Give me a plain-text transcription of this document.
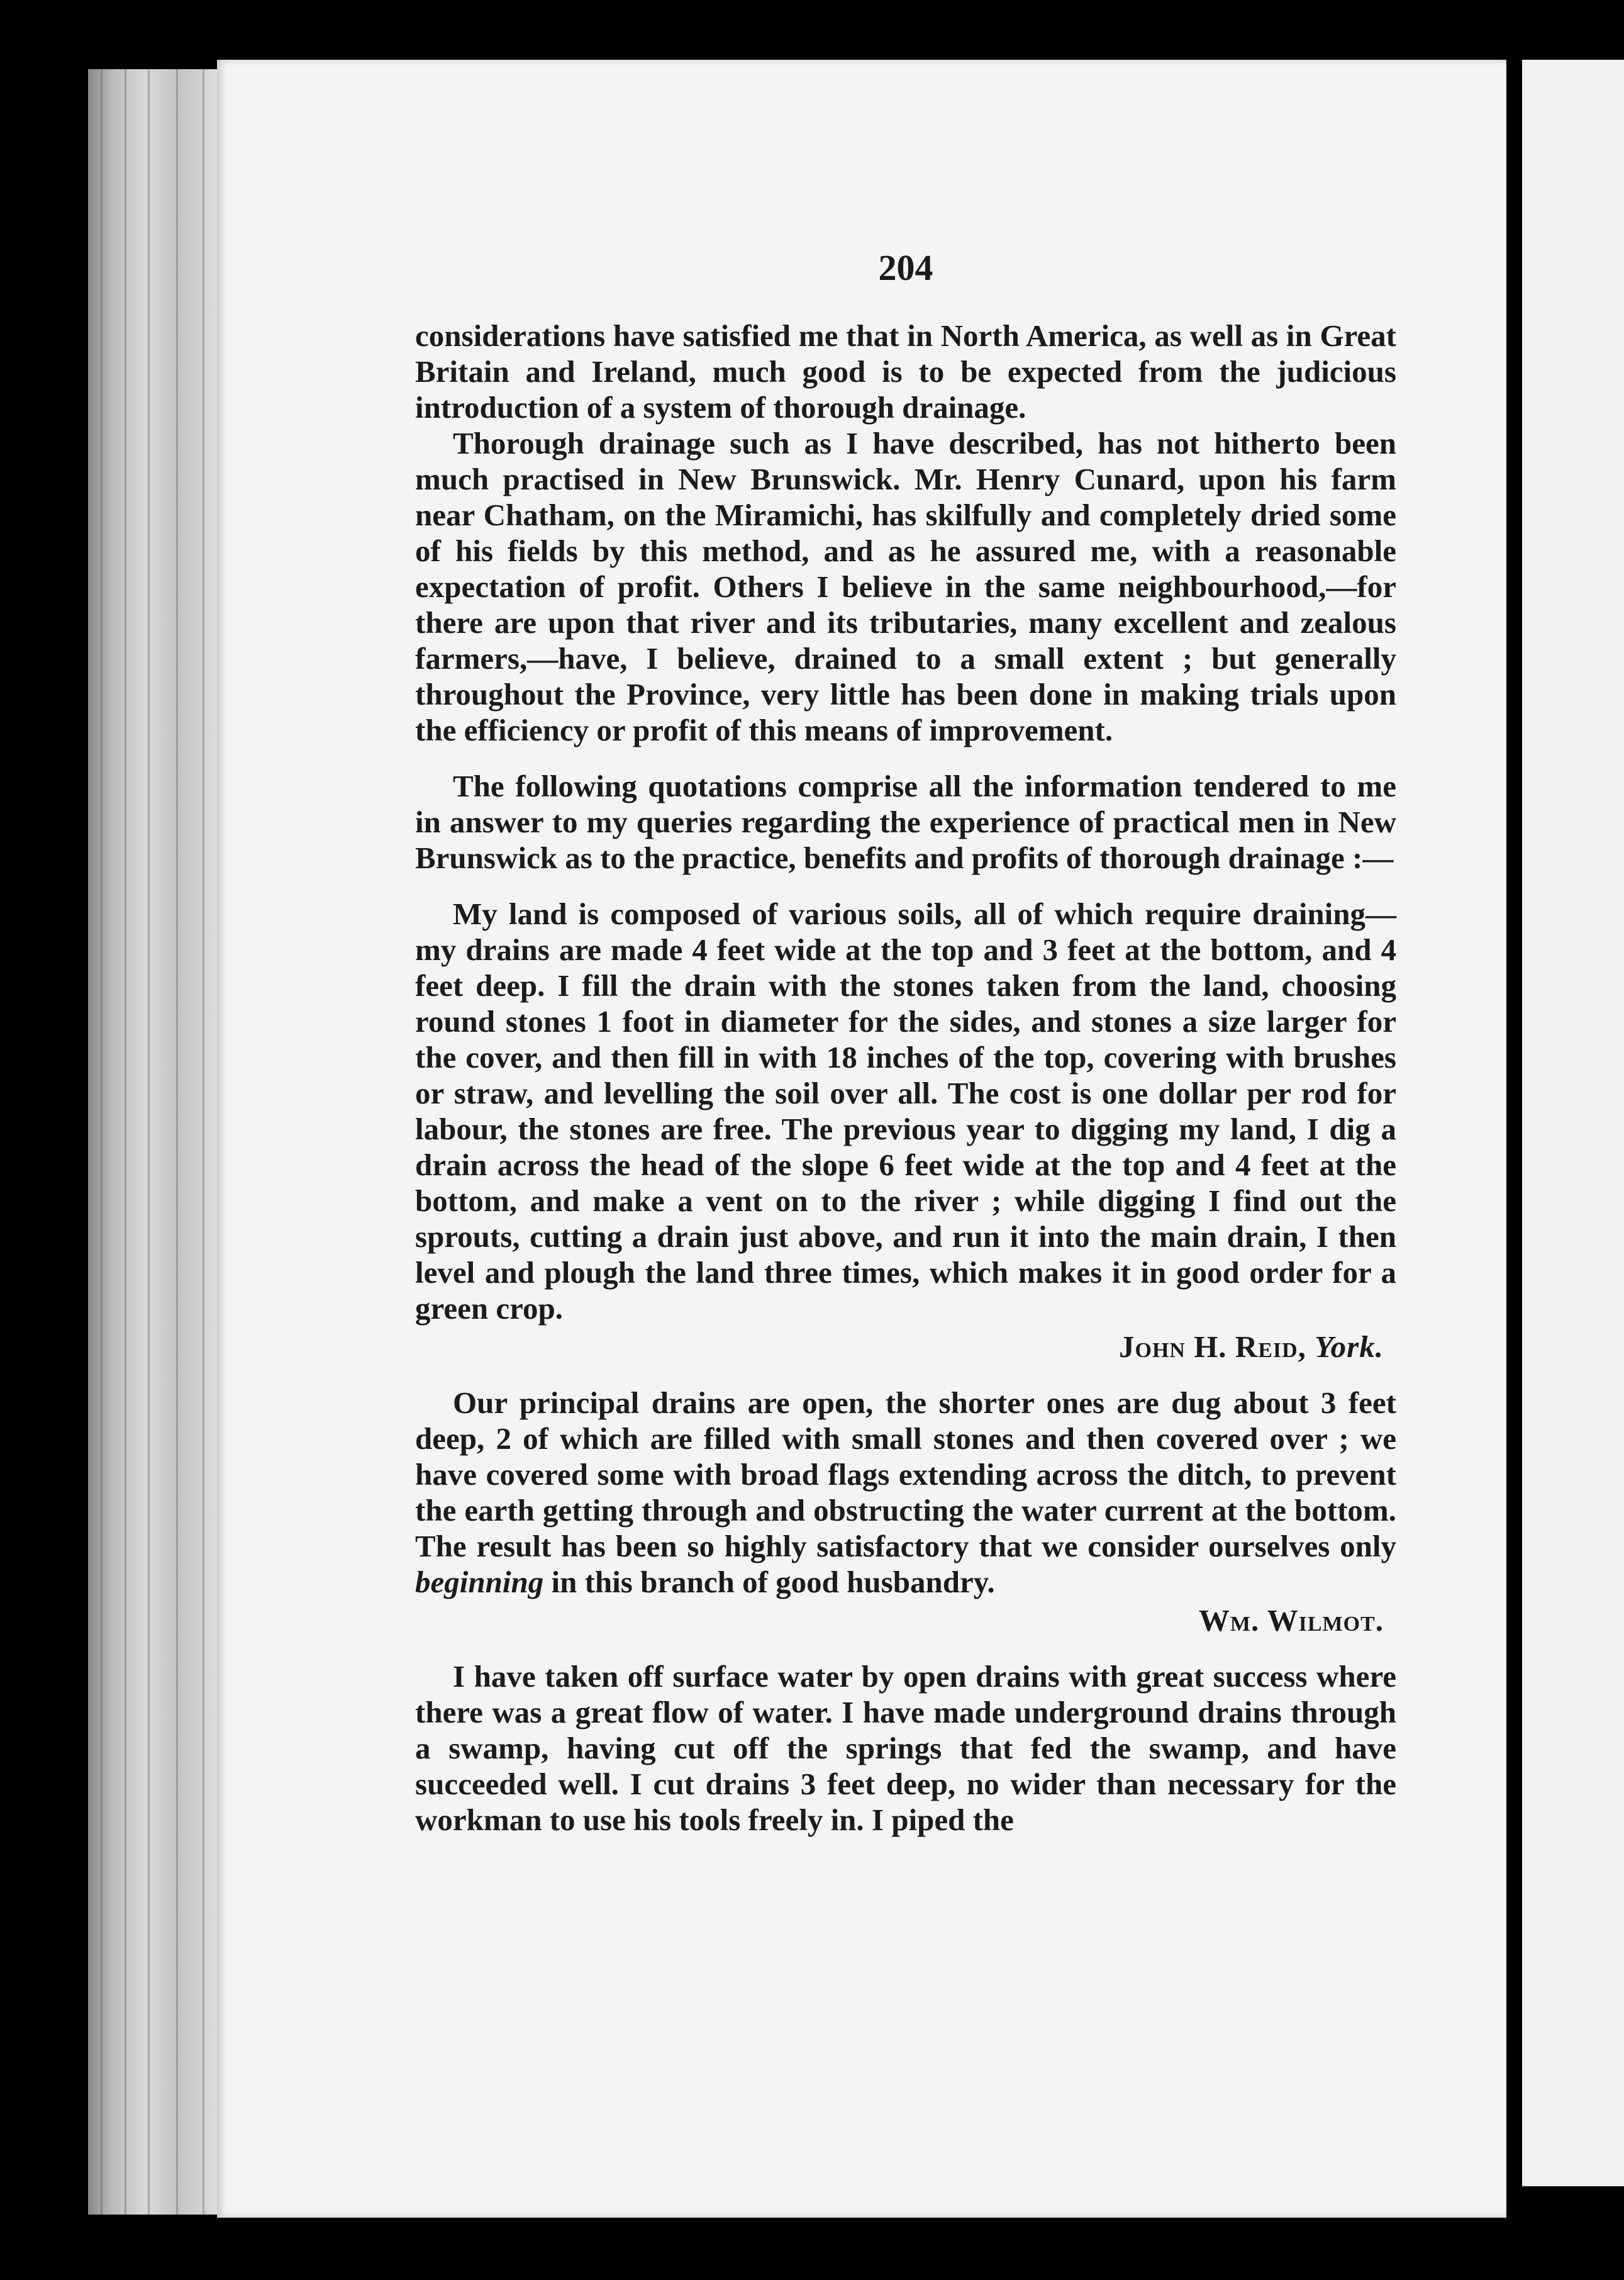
204

considerations have satisfied me that in North America, as well as in Great Britain and Ireland, much good is to be expected from the judicious introduction of a system of thorough drainage.

Thorough drainage such as I have described, has not hitherto been much practised in New Brunswick. Mr. Henry Cunard, upon his farm near Chatham, on the Miramichi, has skilfully and completely dried some of his fields by this method, and as he assured me, with a reasonable expectation of profit. Others I believe in the same neighbourhood,—for there are upon that river and its tributaries, many excellent and zealous farmers,—have, I believe, drained to a small extent ; but generally throughout the Province, very little has been done in making trials upon the efficiency or profit of this means of improvement.

The following quotations comprise all the information tendered to me in answer to my queries regarding the experience of practical men in New Brunswick as to the practice, benefits and profits of thorough drainage :—

My land is composed of various soils, all of which require draining—my drains are made 4 feet wide at the top and 3 feet at the bottom, and 4 feet deep. I fill the drain with the stones taken from the land, choosing round stones 1 foot in diameter for the sides, and stones a size larger for the cover, and then fill in with 18 inches of the top, covering with brushes or straw, and levelling the soil over all. The cost is one dollar per rod for labour, the stones are free. The previous year to digging my land, I dig a drain across the head of the slope 6 feet wide at the top and 4 feet at the bottom, and make a vent on to the river ; while digging I find out the sprouts, cutting a drain just above, and run it into the main drain, I then level and plough the land three times, which makes it in good order for a green crop.

John H. Reid, York.

Our principal drains are open, the shorter ones are dug about 3 feet deep, 2 of which are filled with small stones and then covered over ; we have covered some with broad flags extending across the ditch, to prevent the earth getting through and obstructing the water current at the bottom. The result has been so highly satisfactory that we consider ourselves only beginning in this branch of good husbandry.

Wm. Wilmot.

I have taken off surface water by open drains with great success where there was a great flow of water. I have made underground drains through a swamp, having cut off the springs that fed the swamp, and have succeeded well. I cut drains 3 feet deep, no wider than necessary for the workman to use his tools freely in. I piped the
